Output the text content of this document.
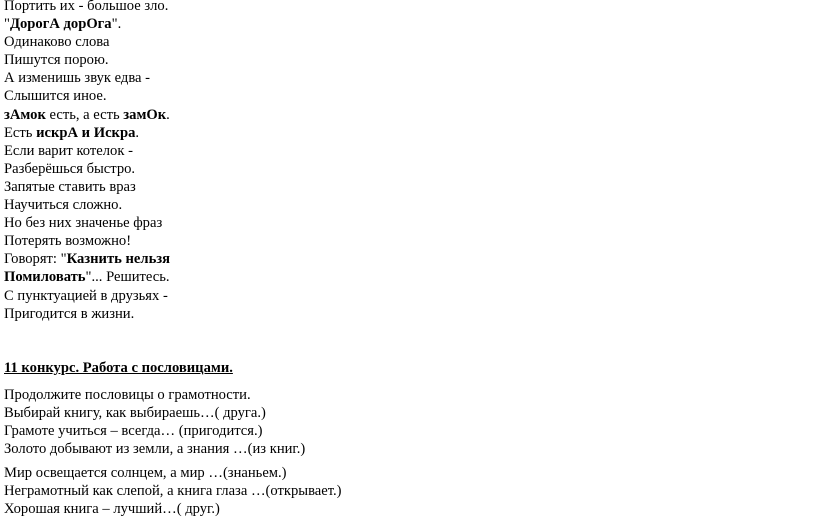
Портить их - большое зло.
"ДорогА дорОга".
Одинаково слова
Пишутся порою.
А изменишь звук едва -
Слышится иное.
зАмок есть, а есть замОк.
Есть искрА и Искра.
Если варит котелок -
Разберёшься быстро.
Запятые ставить враз
Научиться сложно.
Но без них значенье фраз
Потерять возможно!
Говорят: "Казнить нельзя
Помиловать"... Решитесь.
С пунктуацией в друзьях -
Пригодится в жизни.
11 конкурс. Работа с пословицами.
Продолжите пословицы о грамотности.
Выбирай книгу, как выбираешь…( друга.)
Грамоте учиться – всегда… (пригодится.)
Золото добывают из земли, а знания …(из книг.)
Мир освещается солнцем, а мир …(знаньем.)
Неграмотный как слепой, а книга глаза …(открывает.)
Хорошая книга – лучший…( друг.)
